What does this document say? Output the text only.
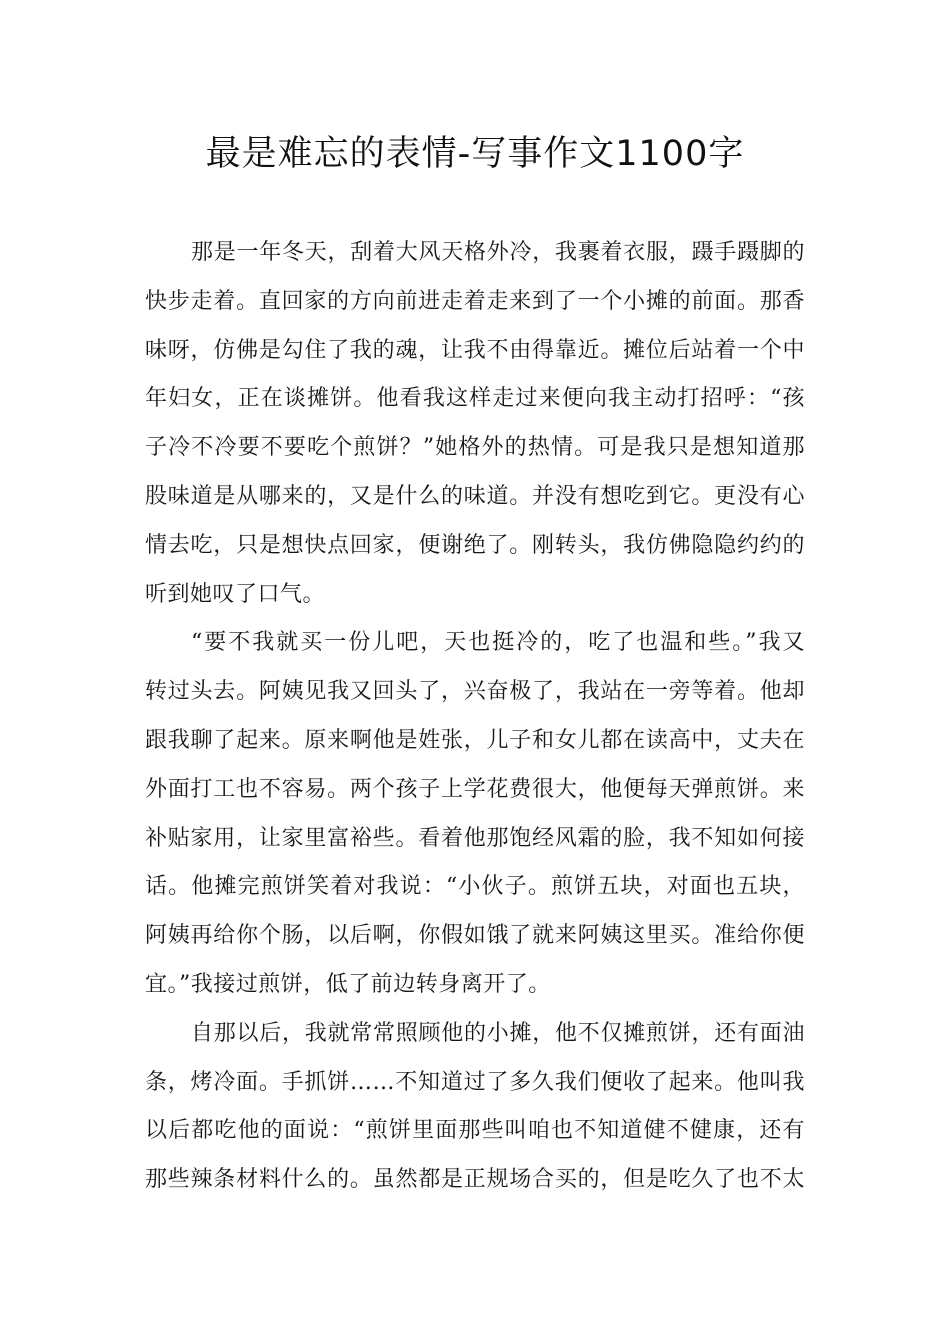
最是难忘的表情-写事作文1100字

那是一年冬天，刮着大风天格外冷，我裹着衣服，蹑手蹑脚的
快步走着。直回家的方向前进走着走来到了一个小摊的前面。那香
味呀，仿佛是勾住了我的魂，让我不由得靠近。摊位后站着一个中
年妇女，正在谈摊饼。他看我这样走过来便向我主动打招呼：“孩
子冷不冷要不要吃个煎饼？”她格外的热情。可是我只是想知道那
股味道是从哪来的，又是什么的味道。并没有想吃到它。更没有心
情去吃，只是想快点回家，便谢绝了。刚转头，我仿佛隐隐约约的
听到她叹了口气。

“要不我就买一份儿吧，天也挺冷的，吃了也温和些。”我又
转过头去。阿姨见我又回头了，兴奋极了，我站在一旁等着。他却
跟我聊了起来。原来啊他是姓张，儿子和女儿都在读高中，丈夫在
外面打工也不容易。两个孩子上学花费很大，他便每天弹煎饼。来
补贴家用，让家里富裕些。看着他那饱经风霜的脸，我不知如何接
话。他摊完煎饼笑着对我说：“小伙子。煎饼五块，对面也五块，
阿姨再给你个肠，以后啊，你假如饿了就来阿姨这里买。准给你便
宜。”我接过煎饼，低了前边转身离开了。

自那以后，我就常常照顾他的小摊，他不仅摊煎饼，还有面油
条，烤冷面。手抓饼……不知道过了多久我们便收了起来。他叫我
以后都吃他的面说：“煎饼里面那些叫咱也不知道健不健康，还有
那些辣条材料什么的。虽然都是正规场合买的，但是吃久了也不太
